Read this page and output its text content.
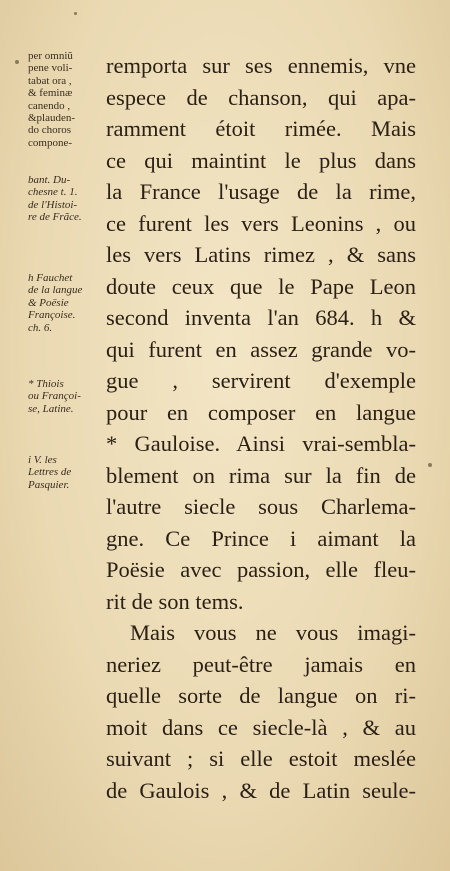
per omniũ
pene voli-
tabat ora ,
& feminæ
canendo ,
&plauden-
do choros
compone-
bant. Du-
chesne t. 1.
de l'Histoi-
re de Frãce.
h Fauchet
de la langue
& Poësie
Françoise.
ch. 6.
* Thiois
ou Françoi-
se, Latine.
i V. les
Lettres de
Pasquier.
remporta sur ses ennemis, vne
espece de chanson, qui apa-
ramment étoit rimée. Mais
ce qui maintint le plus dans
la France l'usage de la rime,
ce furent les vers Leonins , ou
les vers Latins rimez , & sans
doute ceux que le Pape Leon
second inventa l'an 684. h &
qui furent en assez grande vo-
gue , servirent d'exemple
pour en composer en langue
* Gauloise. Ainsi vrai-sembla-
blement on rima sur la fin de
l'autre siecle sous Charlema-
gne. Ce Prince i aimant la
Poësie avec passion, elle fleu-
rit de son tems.
Mais vous ne vous imagi-
neriez peut-être jamais en
quelle sorte de langue on ri-
moit dans ce siecle-là , & au
suivant ; si elle estoit meslée
de Gaulois , & de Latin seule-
